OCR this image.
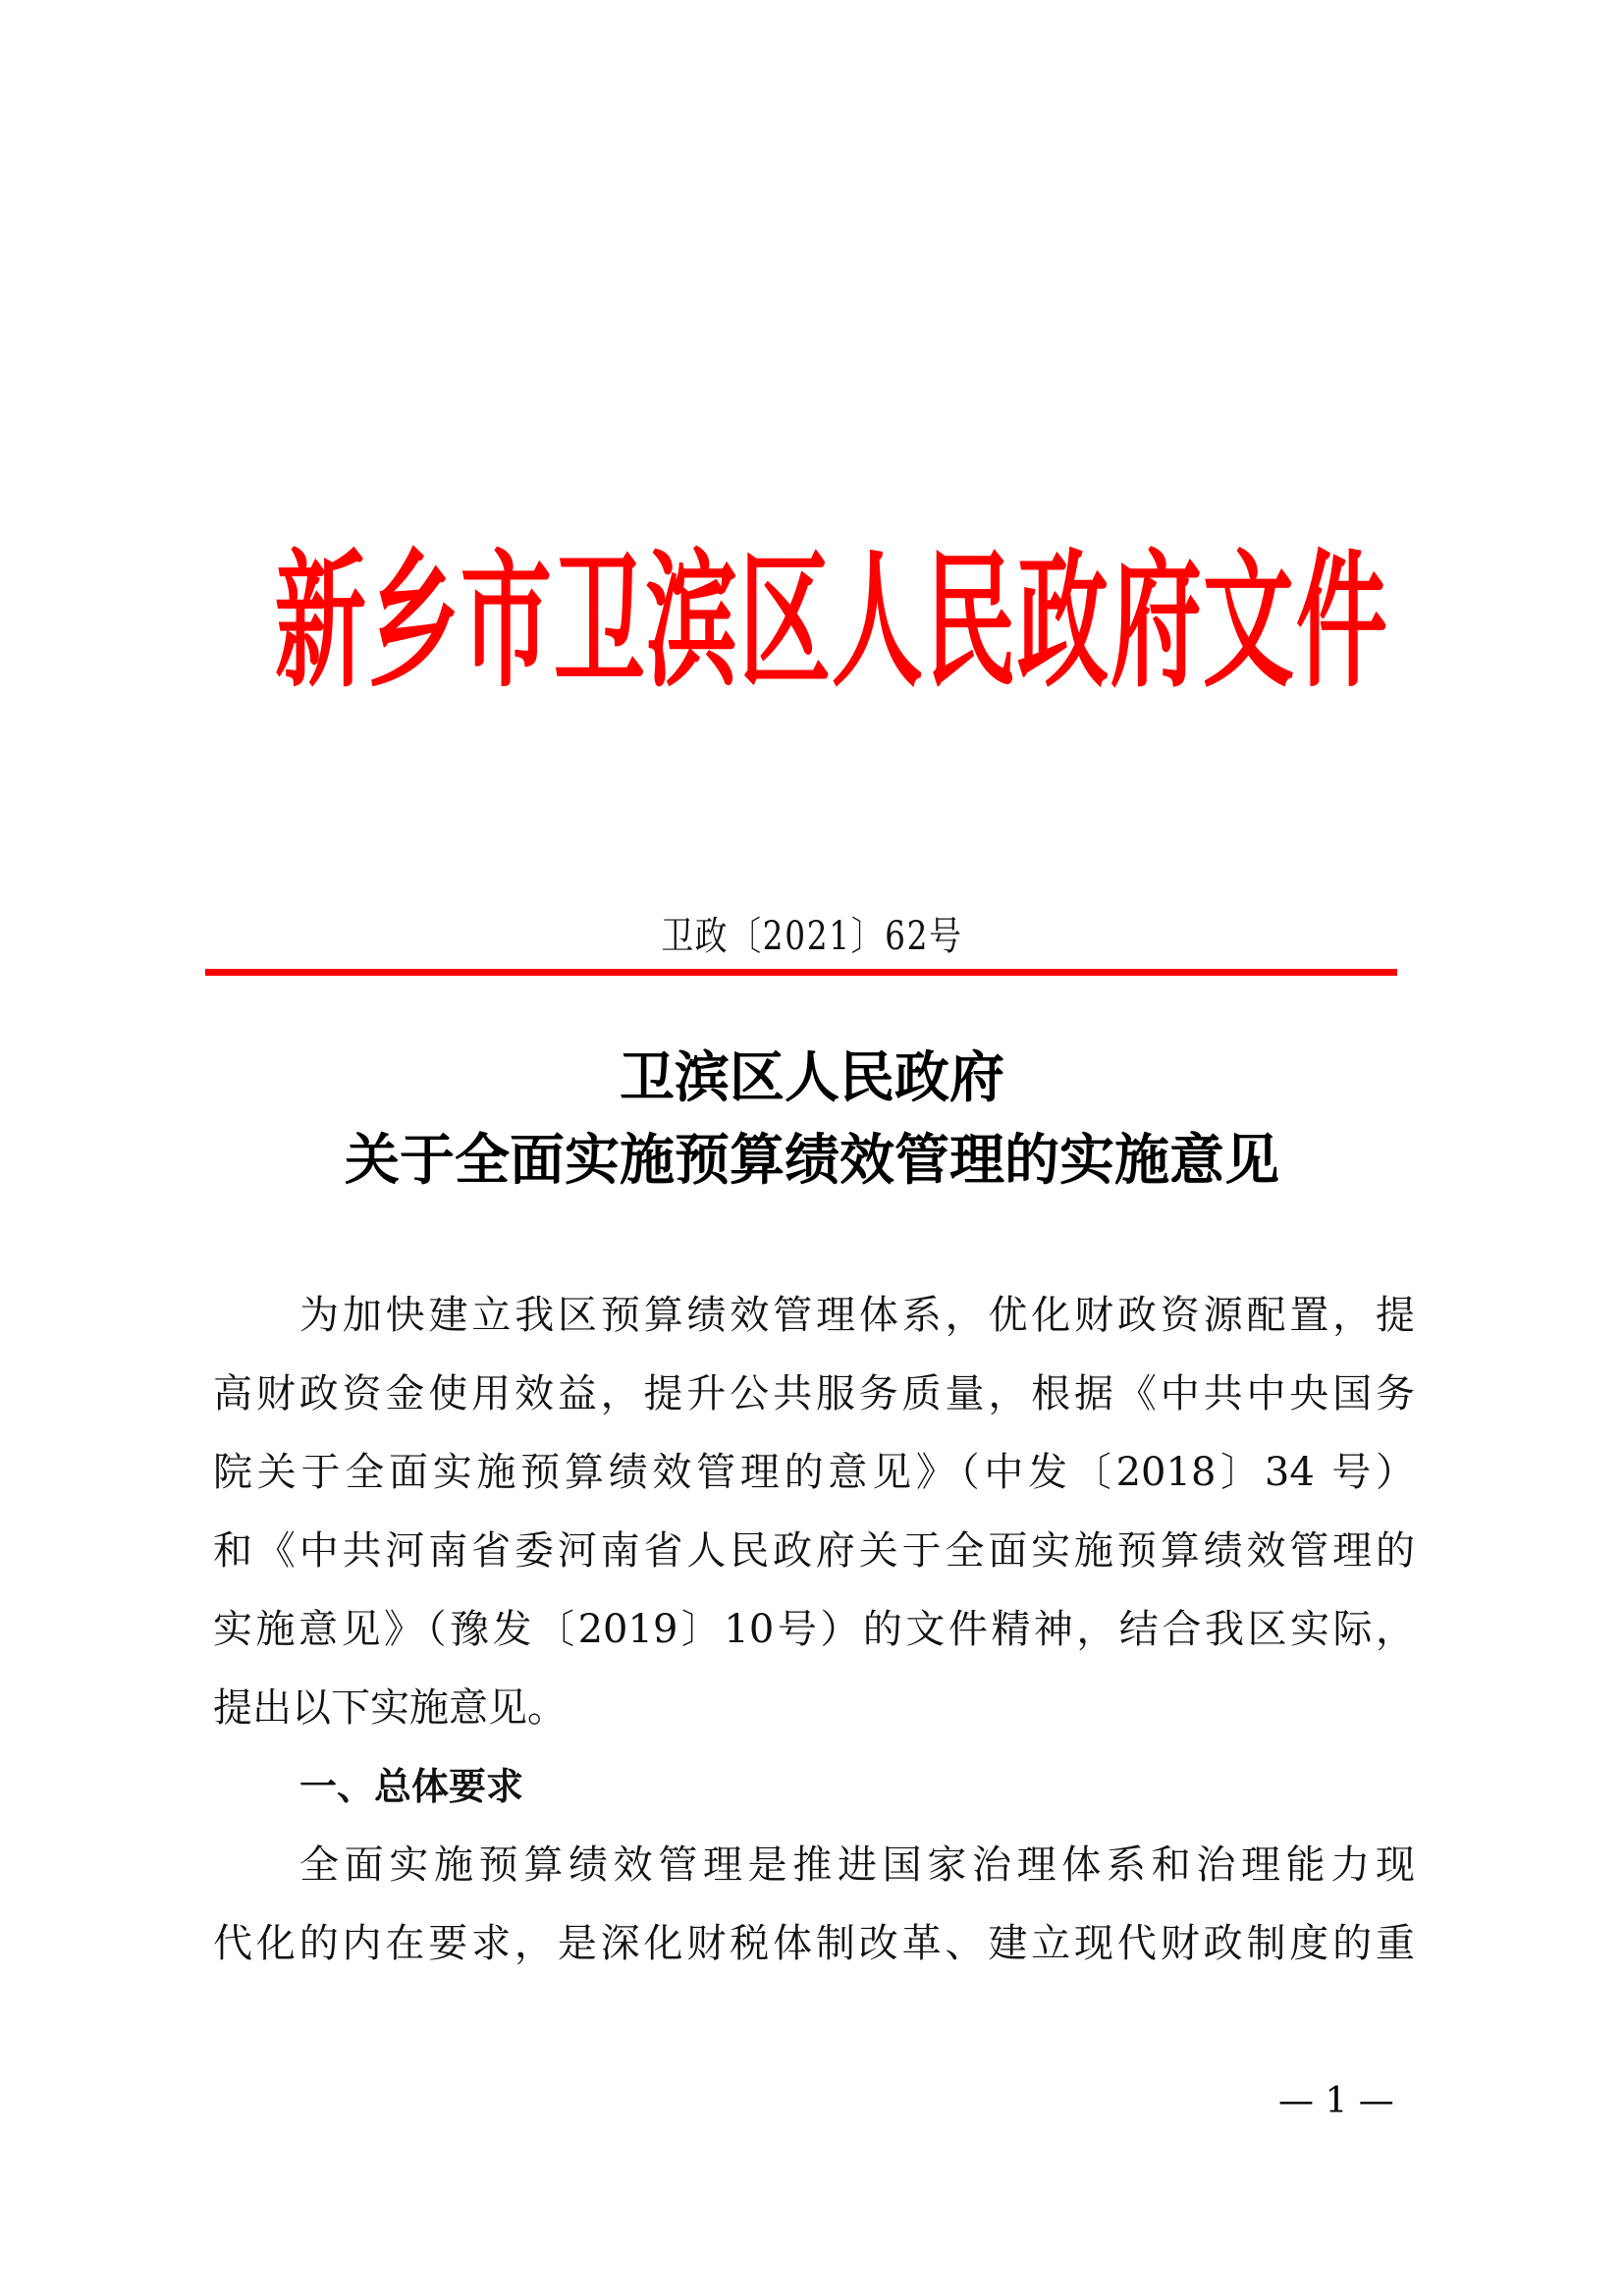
新 乡 市 卫 滨 区 人 民 政 府 文 件
卫政〔2021〕62号
卫滨区人民政府
关于全面实施预算绩效管理的实施意见
为加快建立我区预算绩效管理体系，优化财政资源配置，提
高财政资金使用效益，提升公共服务质量，根据《中共中央国务
院关于全面实施预算绩效管理的意见》（中发〔2018〕34 号）
和《中共河南省委河南省人民政府关于全面实施预算绩效管理的
实施意见》（豫发〔2019〕10号）的文件精神，结合我区实际，
提出以下实施意见。
一、总体要求
全面实施预算绩效管理是推进国家治理体系和治理能力现
代化的内在要求，是深化财税体制改革、建立现代财政制度的重
— 1 —
